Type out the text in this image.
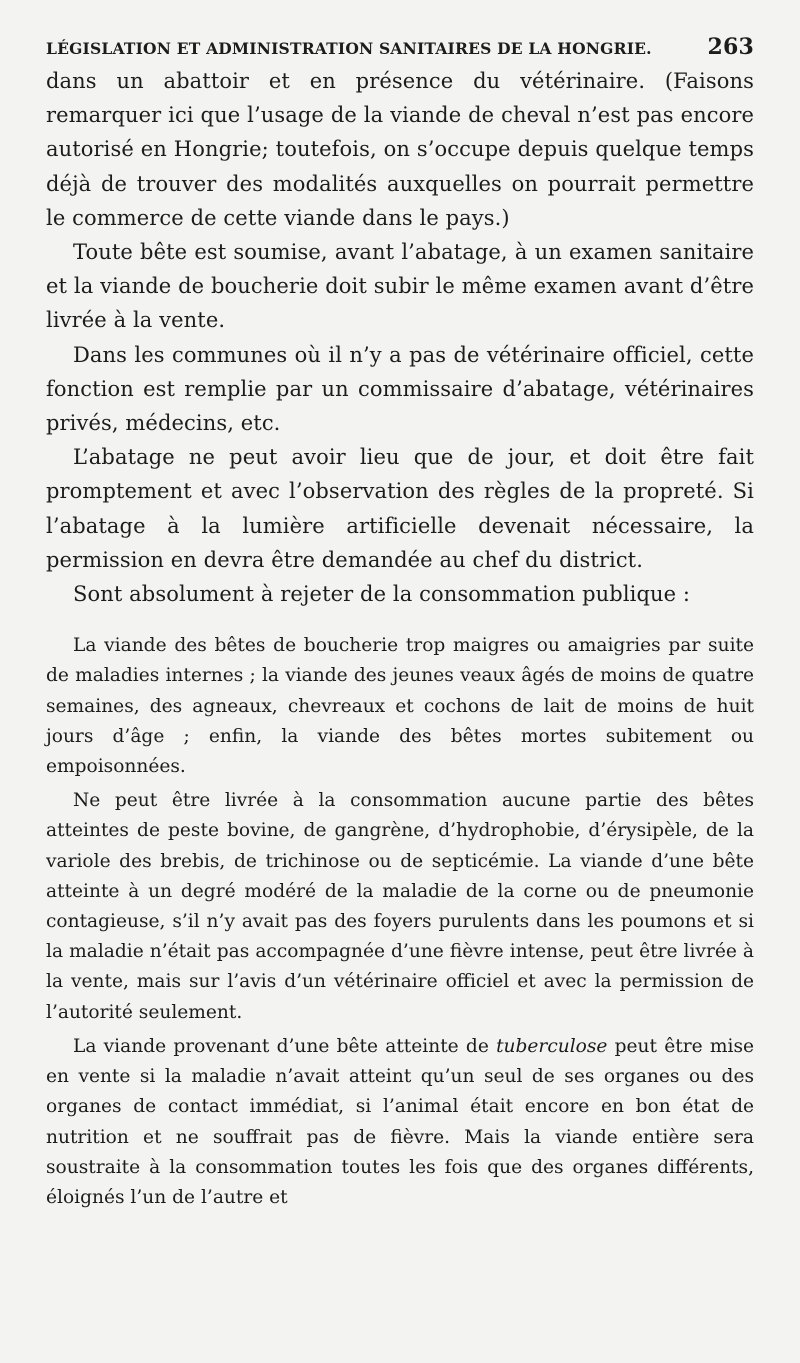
LÉGISLATION ET ADMINISTRATION SANITAIRES DE LA HONGRIE.	263

dans un abattoir et en présence du vétérinaire. (Faisons remarquer ici que l’usage de la viande de cheval n’est pas encore autorisé en Hongrie; toutefois, on s’occupe depuis quelque temps déjà de trouver des modalités auxquelles on pourrait permettre le commerce de cette viande dans le pays.)

Toute bête est soumise, avant l’abatage, à un examen sanitaire et la viande de boucherie doit subir le même examen avant d’être livrée à la vente.

Dans les communes où il n’y a pas de vétérinaire officiel, cette fonction est remplie par un commissaire d’abatage, vétérinaires privés, médecins, etc.

L’abatage ne peut avoir lieu que de jour, et doit être fait promptement et avec l’observation des règles de la propreté. Si l’abatage à la lumière artificielle devenait nécessaire, la permission en devra être demandée au chef du district.

Sont absolument à rejeter de la consommation publique :

La viande des bêtes de boucherie trop maigres ou amaigries par suite de maladies internes ; la viande des jeunes veaux âgés de moins de quatre semaines, des agneaux, chevreaux et cochons de lait de moins de huit jours d’âge ; enfin, la viande des bêtes mortes subitement ou empoisonnées.

Ne peut être livrée à la consommation aucune partie des bêtes atteintes de peste bovine, de gangrène, d’hydrophobie, d’érysipèle, de la variole des brebis, de trichinose ou de septicémie. La viande d’une bête atteinte à un degré modéré de la maladie de la corne ou de pneumonie contagieuse, s’il n’y avait pas des foyers purulents dans les poumons et si la maladie n’était pas accompagnée d’une fièvre intense, peut être livrée à la vente, mais sur l’avis d’un vétérinaire officiel et avec la permission de l’autorité seulement.

La viande provenant d’une bête atteinte de tuberculose peut être mise en vente si la maladie n’avait atteint qu’un seul de ses organes ou des organes de contact immédiat, si l’animal était encore en bon état de nutrition et ne souffrait pas de fièvre. Mais la viande entière sera soustraite à la consommation toutes les fois que des organes différents, éloignés l’un de l’autre et
